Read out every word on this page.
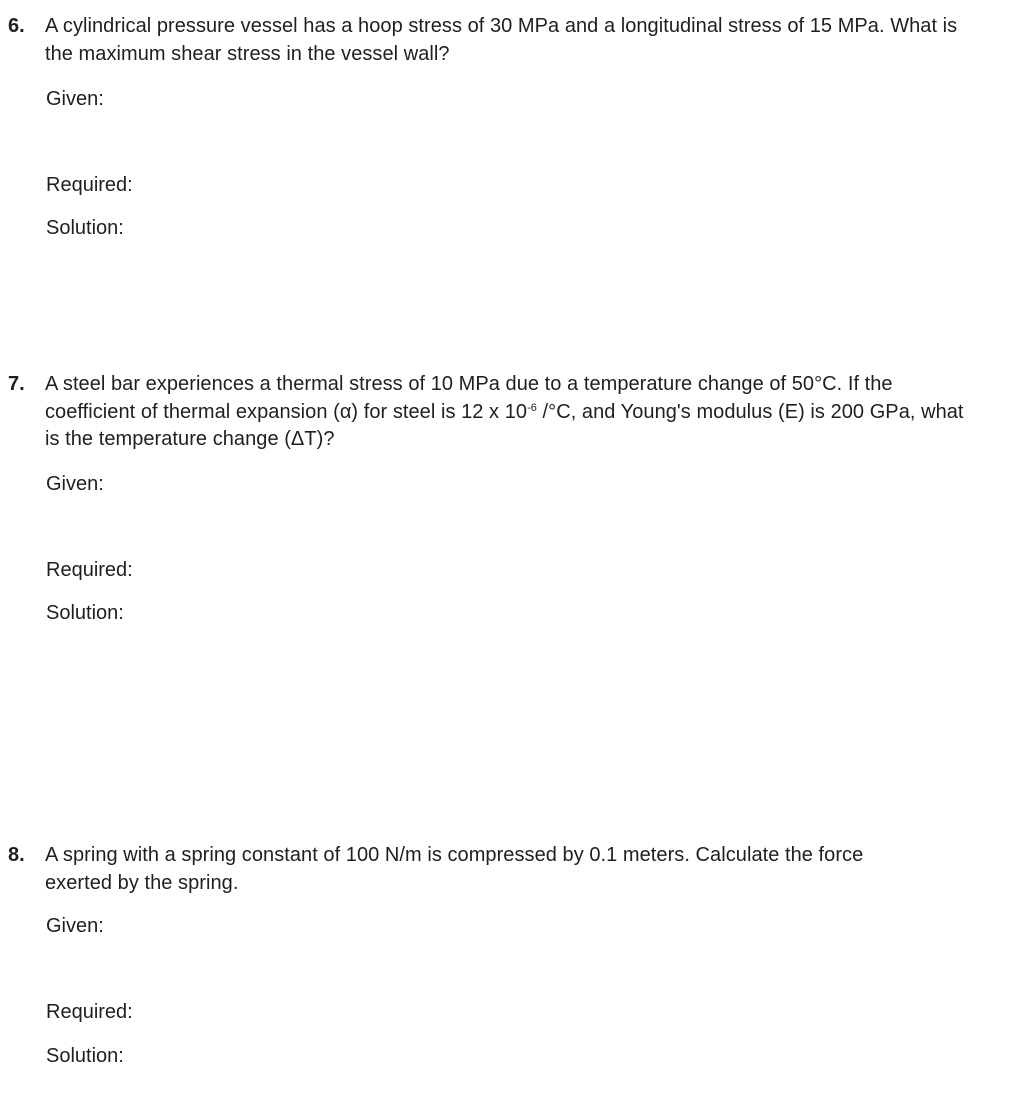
6. A cylindrical pressure vessel has a hoop stress of 30 MPa and a longitudinal stress of 15 MPa. What is the maximum shear stress in the vessel wall?

Given:

Required:

Solution:

7. A steel bar experiences a thermal stress of 10 MPa due to a temperature change of 50°C. If the coefficient of thermal expansion (α) for steel is 12 x $10^{-6}$ /°C, and Young's modulus (E) is 200 GPa, what is the temperature change (ΔT)?

Given:

Required:

Solution:

8. A spring with a spring constant of 100 N/m is compressed by 0.1 meters. Calculate the force exerted by the spring.

Given:

Required:

Solution:
